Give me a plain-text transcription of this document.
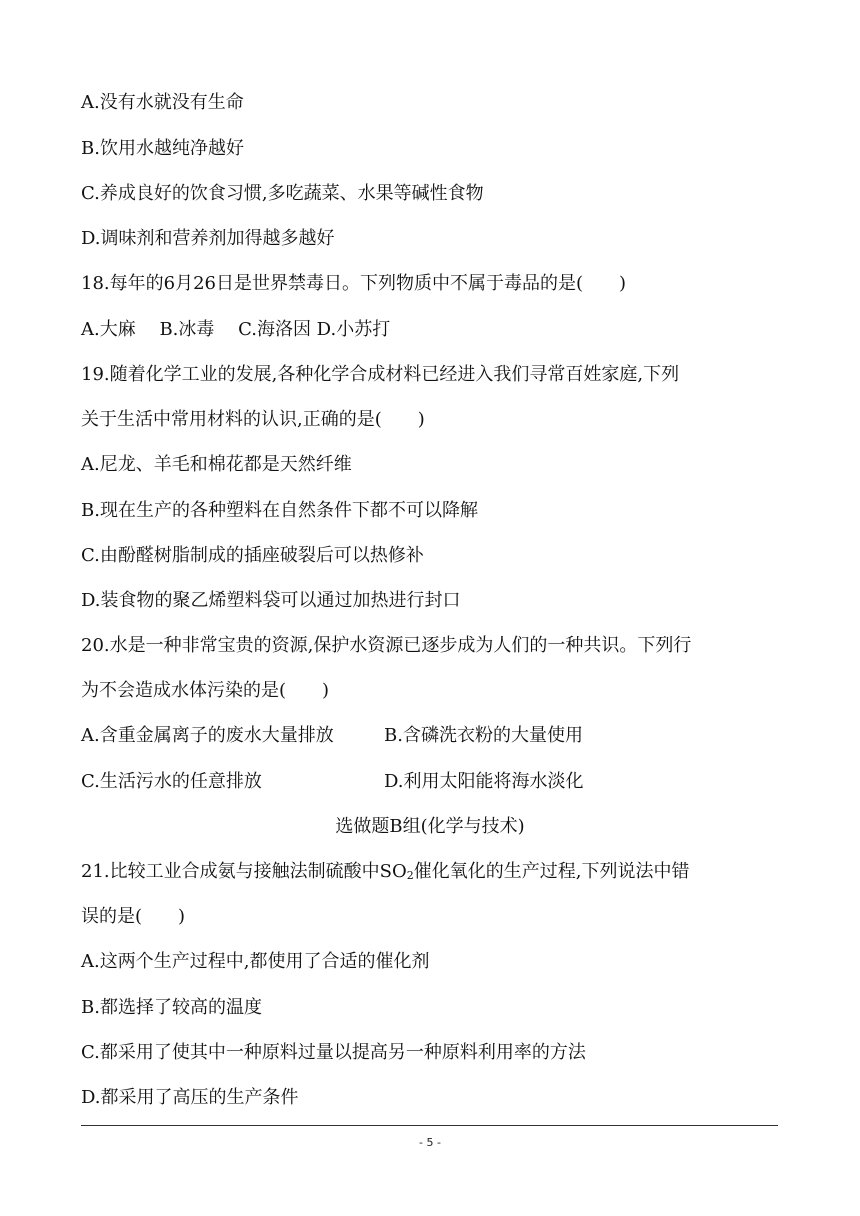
A.没有水就没有生命
B.饮用水越纯净越好
C.养成良好的饮食习惯,多吃蔬菜、水果等碱性食物
D.调味剂和营养剂加得越多越好
18.每年的6月26日是世界禁毒日。下列物质中不属于毒品的是(　　)
A.大麻　 B.冰毒　 C.海洛因 D.小苏打
19.随着化学工业的发展,各种化学合成材料已经进入我们寻常百姓家庭,下列
关于生活中常用材料的认识,正确的是(　　)
A.尼龙、羊毛和棉花都是天然纤维
B.现在生产的各种塑料在自然条件下都不可以降解
C.由酚醛树脂制成的插座破裂后可以热修补
D.装食物的聚乙烯塑料袋可以通过加热进行封口
20.水是一种非常宝贵的资源,保护水资源已逐步成为人们的一种共识。下列行
为不会造成水体污染的是(　　)
A.含重金属离子的废水大量排放	B.含磷洗衣粉的大量使用
C.生活污水的任意排放	D.利用太阳能将海水淡化
选做题B组(化学与技术)
21.比较工业合成氨与接触法制硫酸中$SO_2$催化氧化的生产过程,下列说法中错
误的是(　　)
A.这两个生产过程中,都使用了合适的催化剂
B.都选择了较高的温度
C.都采用了使其中一种原料过量以提高另一种原料利用率的方法
D.都采用了高压的生产条件
- 5 -
